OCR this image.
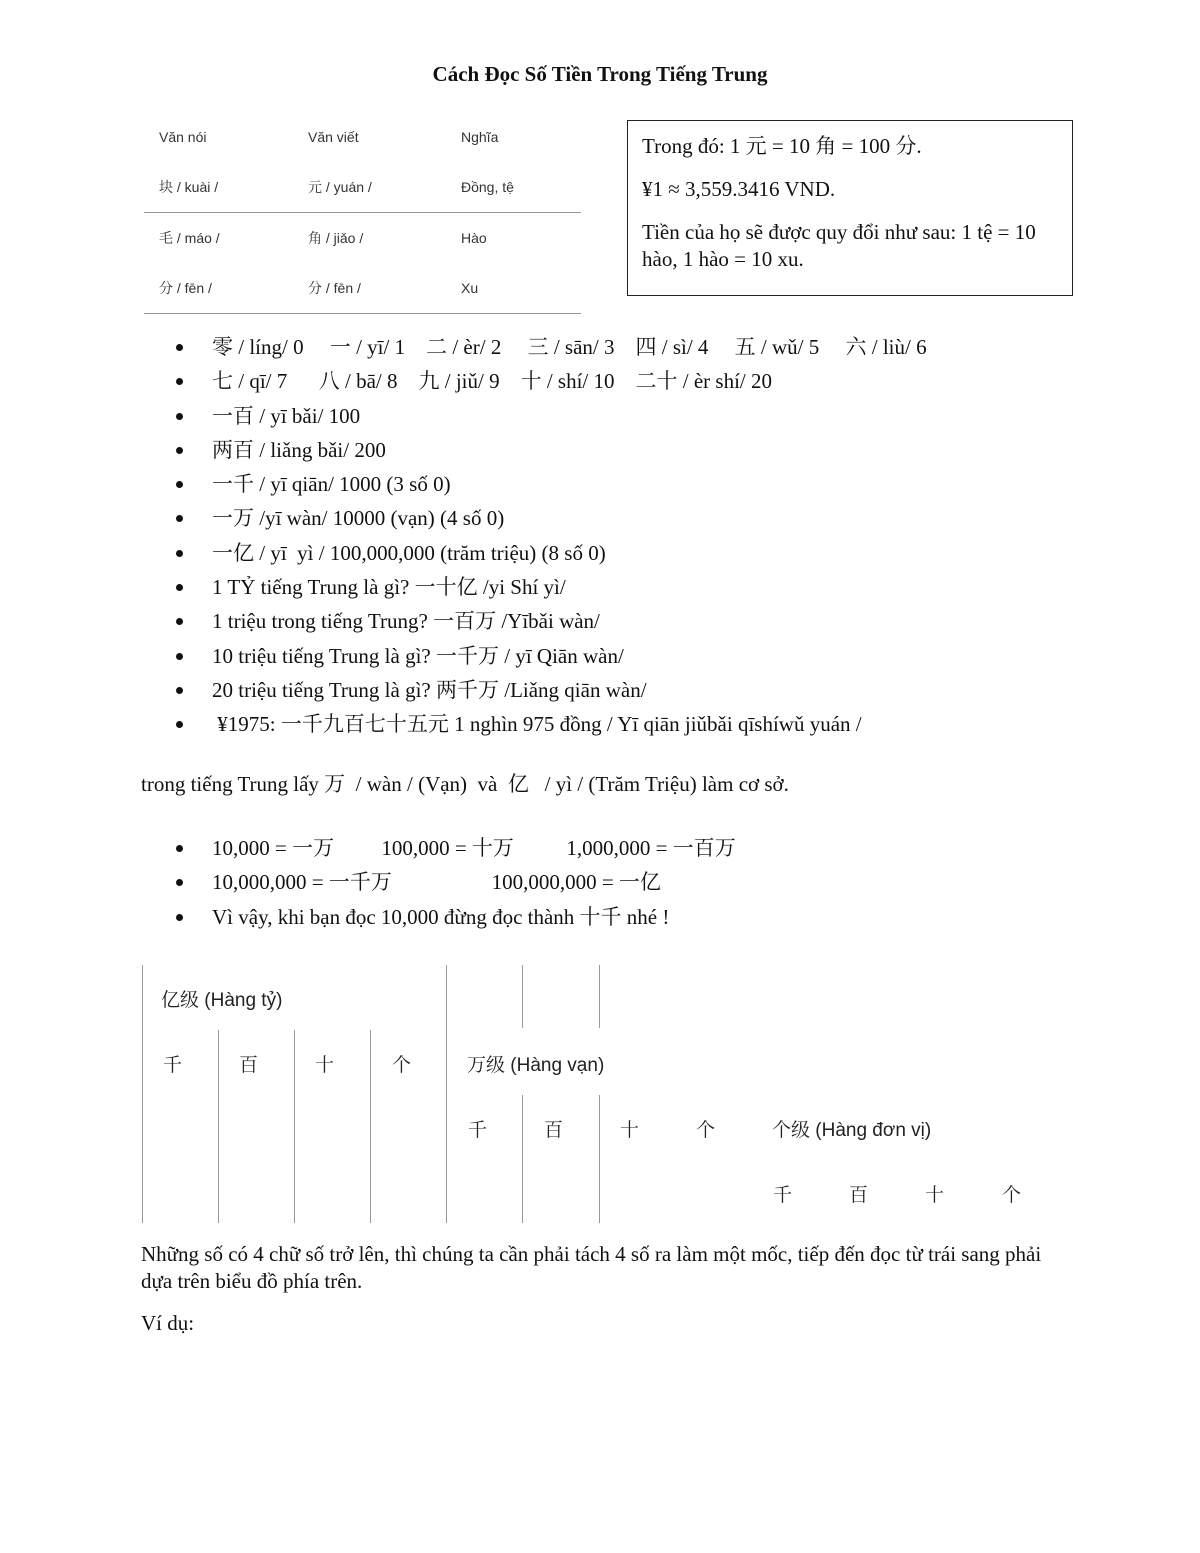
Cách Đọc Số Tiền Trong Tiếng Trung
Văn nói	Văn viết	Nghĩa
块 / kuài /	元 / yuán /	Đồng, tệ
毛 / máo /	角 / jiǎo /	Hào
分 / fēn /	分 / fēn /	Xu

Trong đó: 1 元 = 10 角 = 100 分.

¥1 ≈ 3,559.3416 VND.

Tiền của họ sẽ được quy đổi như sau: 1 tệ = 10 hào, 1 hào = 10 xu.

零 / líng/ 0     一 / yī/ 1    二 / èr/ 2     三 / sān/ 3    四 / sì/ 4     五 / wǔ/ 5     六 / liù/ 6
七 / qī/ 7      八 / bā/ 8    九 / jiǔ/ 9    十 / shí/ 10    二十 / èr shí/ 20
一百 / yī bǎi/ 100
两百 / liǎng bǎi/ 200
一千 / yī qiān/ 1000 (3 số 0)
一万 /yī wàn/ 10000 (vạn) (4 số 0)
一亿 / yī  yì / 100,000,000 (trăm triệu) (8 số 0)
1 TỶ tiếng Trung là gì? 一十亿 /yi Shí yì/
1 triệu trong tiếng Trung? 一百万 /Yībǎi wàn/
10 triệu tiếng Trung là gì? 一千万 / yī Qiān wàn/
20 triệu tiếng Trung là gì? 两千万 /Liǎng qiān wàn/
¥1975: 一千九百七十五元 1 nghìn 975 đồng / Yī qiān jiǔbǎi qīshíwǔ yuán /
trong tiếng Trung lấy 万  / wàn / (Vạn)  và  亿   / yì / (Trăm Triệu) làm cơ sở.
10,000 = 一万         100,000 = 十万          1,000,000 = 一百万
10,000,000 = 一千万                   100,000,000 = 一亿
Vì vậy, khi bạn đọc 10,000 đừng đọc thành 十千 nhé !
亿级 (Hàng tỷ)
千	百	十	个	万级 (Hàng vạn)
千	百	十	个	个级 (Hàng đơn vị)
千	百	十	个
Những số có 4 chữ số trở lên, thì chúng ta cần phải tách 4 số ra làm một mốc, tiếp đến đọc từ trái sang phải dựa trên biểu đồ phía trên.
Ví dụ:
